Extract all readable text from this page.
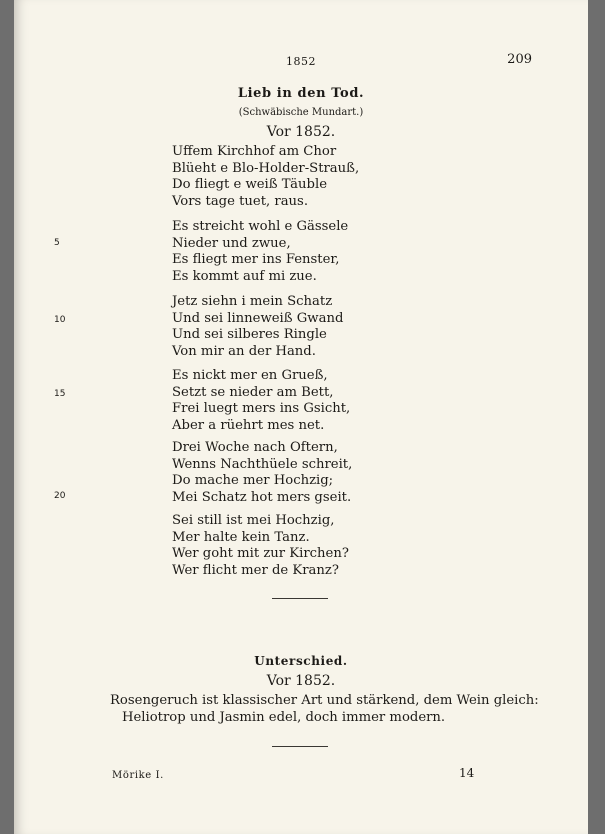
1852	209
Lieb in den Tod.
(Schwäbische Mundart.)
Vor 1852.
Uffem Kirchhof am Chor
Blüeht e Blo-Holder-Strauß,
Do fliegt e weiß Täuble
Vors tage tuet, raus.
Es streicht wohl e Gässele
Nieder und zwue,
Es fliegt mer ins Fenster,
Es kommt auf mi zue.
Jetz siehn i mein Schatz
Und sei linneweiß Gwand
Und sei silberes Ringle
Von mir an der Hand.
Es nickt mer en Grueß,
Setzt se nieder am Bett,
Frei luegt mers ins Gsicht,
Aber a rüehrt mes net.
Drei Woche nach Oftern,
Wenns Nachthüele schreit,
Do mache mer Hochzig;
Mei Schatz hot mers gseit.
Sei still ist mei Hochzig,
Mer halte kein Tanz.
Wer goht mit zur Kirchen?
Wer flicht mer de Kranz?
5
10
15
20
Unterschied.
Vor 1852.
Rosengeruch ist klassischer Art und stärkend, dem Wein gleich:
Heliotrop und Jasmin edel, doch immer modern.
Mörike I.	14
